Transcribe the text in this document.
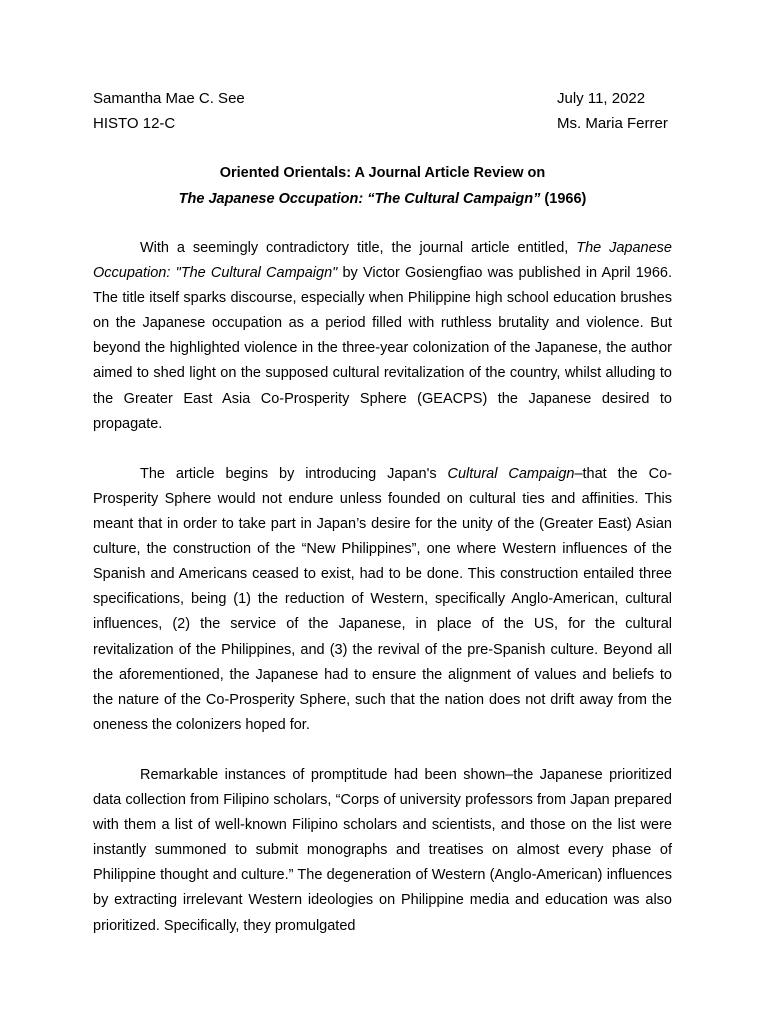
Samantha Mae C. See	July 11, 2022
HISTO 12-C	Ms. Maria Ferrer
Oriented Orientals: A Journal Article Review on
The Japanese Occupation: “The Cultural Campaign” (1966)

With a seemingly contradictory title, the journal article entitled, The Japanese Occupation: "The Cultural Campaign" by Victor Gosiengfiao was published in April 1966. The title itself sparks discourse, especially when Philippine high school education brushes on the Japanese occupation as a period filled with ruthless brutality and violence. But beyond the highlighted violence in the three-year colonization of the Japanese, the author aimed to shed light on the supposed cultural revitalization of the country, whilst alluding to the Greater East Asia Co-Prosperity Sphere (GEACPS) the Japanese desired to propagate.

The article begins by introducing Japan's Cultural Campaign–that the Co-Prosperity Sphere would not endure unless founded on cultural ties and affinities. This meant that in order to take part in Japan’s desire for the unity of the (Greater East) Asian culture, the construction of the “New Philippines”, one where Western influences of the Spanish and Americans ceased to exist, had to be done. This construction entailed three specifications, being (1) the reduction of Western, specifically Anglo-American, cultural influences, (2) the service of the Japanese, in place of the US, for the cultural revitalization of the Philippines, and (3) the revival of the pre-Spanish culture. Beyond all the aforementioned, the Japanese had to ensure the alignment of values and beliefs to the nature of the Co-Prosperity Sphere, such that the nation does not drift away from the oneness the colonizers hoped for.

Remarkable instances of promptitude had been shown–the Japanese prioritized data collection from Filipino scholars, “Corps of university professors from Japan prepared with them a list of well-known Filipino scholars and scientists, and those on the list were instantly summoned to submit monographs and treatises on almost every phase of Philippine thought and culture.” The degeneration of Western (Anglo-American) influences by extracting irrelevant Western ideologies on Philippine media and education was also prioritized. Specifically, they promulgated
